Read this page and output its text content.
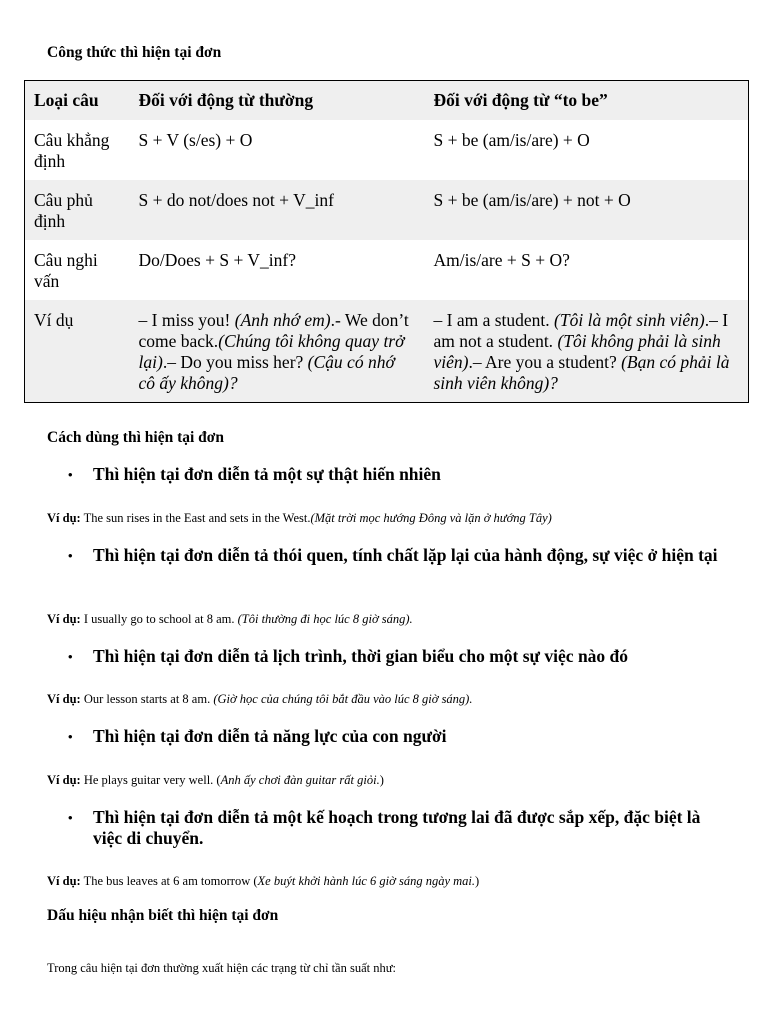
Công thức thì hiện tại đơn
Loại câu	Đối với động từ thường	Đối với động từ “to be”
Câu khẳng định	S + V (s/es) + O	S + be (am/is/are) + O
Câu phủ định	S + do not/does not + V_inf	S + be (am/is/are) + not + O
Câu nghi vấn	Do/Does + S + V_inf?	Am/is/are + S + O?
Ví dụ	– I miss you! (Anh nhớ em).- We don’t come back.(Chúng tôi không quay trở lại).– Do you miss her? (Cậu có nhớ cô ấy không)?	– I am a student. (Tôi là một sinh viên).– I am not a student. (Tôi không phải là sinh viên).– Are you a student? (Bạn có phải là sinh viên không)?
Cách dùng thì hiện tại đơn
• Thì hiện tại đơn diễn tả một sự thật hiến nhiên
Ví dụ: The sun rises in the East and sets in the West.(Mặt trời mọc hướng Đông và lặn ở hướng Tây)
• Thì hiện tại đơn diễn tả thói quen, tính chất lặp lại của hành động, sự việc ở hiện tại
Ví dụ: I usually go to school at 8 am. (Tôi thường đi học lúc 8 giờ sáng).
• Thì hiện tại đơn diễn tả lịch trình, thời gian biểu cho một sự việc nào đó
Ví dụ: Our lesson starts at 8 am. (Giờ học của chúng tôi bắt đầu vào lúc 8 giờ sáng).
• Thì hiện tại đơn diễn tả năng lực của con người
Ví dụ: He plays guitar very well. (Anh ấy chơi đàn guitar rất giỏi.)
• Thì hiện tại đơn diễn tả một kế hoạch trong tương lai đã được sắp xếp, đặc biệt là việc di chuyển.
Ví dụ: The bus leaves at 6 am tomorrow (Xe buýt khởi hành lúc 6 giờ sáng ngày mai.)
Dấu hiệu nhận biết thì hiện tại đơn
Trong câu hiện tại đơn thường xuất hiện các trạng từ chỉ tần suất như:
